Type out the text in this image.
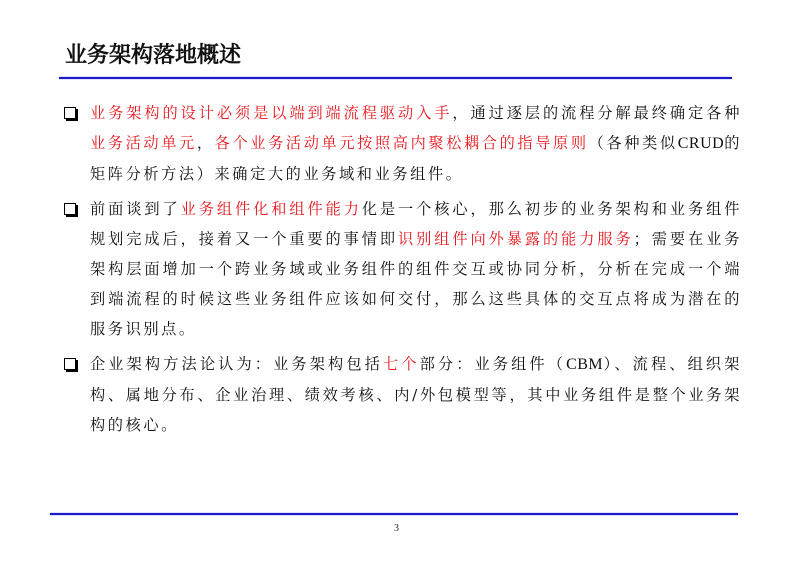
业务架构落地概述
业务架构的设计必须是以端到端流程驱动入手，通过逐层的流程分解最终确定各种业务活动单元，各个业务活动单元按照高内聚松耦合的指导原则（各种类似CRUD的矩阵分析方法）来确定大的业务域和业务组件。
前面谈到了业务组件化和组件能力化是一个核心，那么初步的业务架构和业务组件规划完成后，接着又一个重要的事情即识别组件向外暴露的能力服务；需要在业务架构层面增加一个跨业务域或业务组件的组件交互或协同分析，分析在完成一个端到端流程的时候这些业务组件应该如何交付，那么这些具体的交互点将成为潜在的服务识别点。
企业架构方法论认为：业务架构包括七个部分：业务组件（CBM）、流程、组织架构、属地分布、企业治理、绩效考核、内/外包模型等，其中业务组件是整个业务架构的核心。
3
